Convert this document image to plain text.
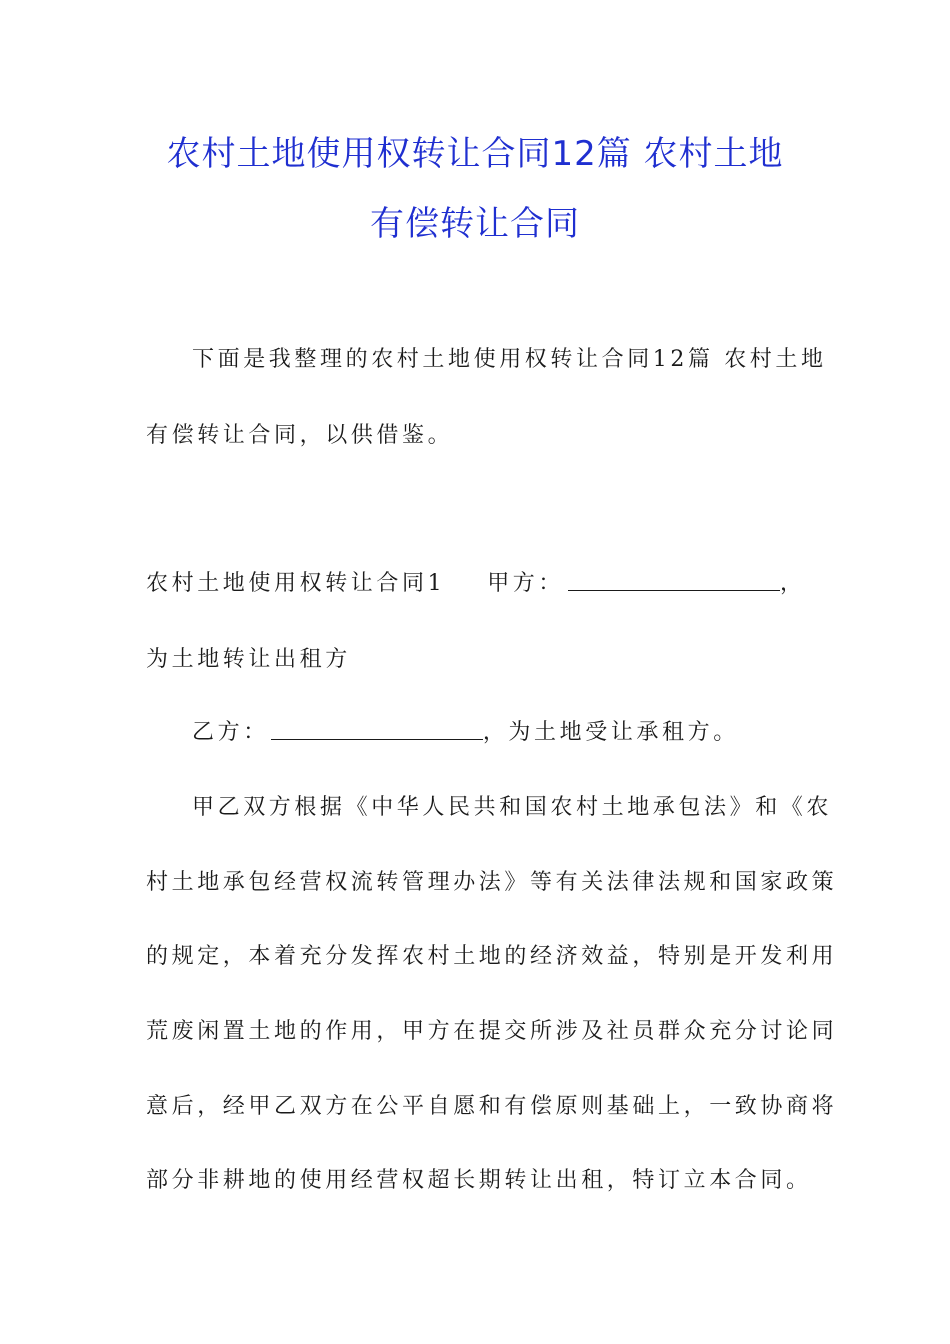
农村土地使用权转让合同12篇 农村土地
有偿转让合同
下面是我整理的农村土地使用权转让合同12篇 农村土地
有偿转让合同，以供借鉴。
农村土地使用权转让合同1 甲方：	，
为土地转让出租方
乙方：	，为土地受让承租方。
甲乙双方根据《中华人民共和国农村土地承包法》和《农
村土地承包经营权流转管理办法》等有关法律法规和国家政策
的规定，本着充分发挥农村土地的经济效益，特别是开发利用
荒废闲置土地的作用，甲方在提交所涉及社员群众充分讨论同
意后，经甲乙双方在公平自愿和有偿原则基础上，一致协商将
部分非耕地的使用经营权超长期转让出租，特订立本合同。
